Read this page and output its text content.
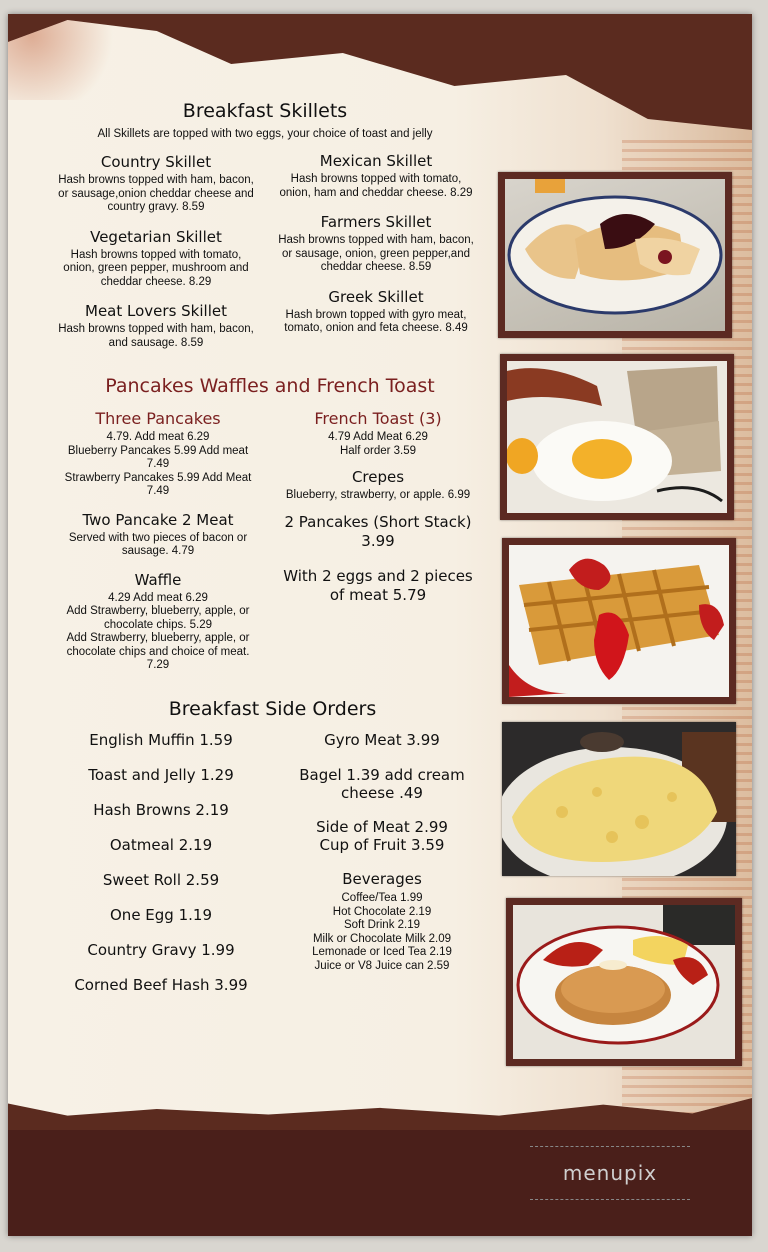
menupix
Breakfast Skillets
All Skillets are topped with two eggs, your choice of toast and jelly
Country Skillet
Hash browns topped with ham, bacon, or sausage,onion cheddar cheese and country gravy. 8.59
Vegetarian Skillet
Hash browns topped with tomato, onion, green pepper, mushroom and cheddar cheese. 8.29
Meat Lovers Skillet
Hash browns topped with ham, bacon, and sausage. 8.59
Mexican Skillet
Hash browns topped with tomato, onion, ham and cheddar cheese. 8.29
Farmers Skillet
Hash browns topped with ham, bacon, or sausage, onion, green pepper,and cheddar cheese. 8.59
Greek Skillet
Hash brown topped with gyro meat, tomato, onion and feta cheese. 8.49
Pancakes Waffles and French Toast
Three Pancakes
4.79. Add meat 6.29
Blueberry Pancakes 5.99 Add meat 7.49
Strawberry Pancakes 5.99 Add Meat 7.49
Two Pancake 2 Meat
Served with two pieces of bacon or sausage. 4.79
Waffle
4.29 Add meat 6.29
Add Strawberry, blueberry, apple, or chocolate chips. 5.29
Add Strawberry, blueberry, apple, or chocolate chips and choice of meat. 7.29
French Toast (3)
4.79 Add Meat 6.29
Half order 3.59
Crepes
Blueberry, strawberry, or apple. 6.99
2 Pancakes (Short Stack) 3.99
With 2 eggs and 2 pieces of meat 5.79
Breakfast Side Orders
English Muffin 1.59
Toast and Jelly 1.29
Hash Browns 2.19
Oatmeal 2.19
Sweet Roll 2.59
One Egg 1.19
Country Gravy 1.99
Corned Beef Hash 3.99
Gyro Meat 3.99
Bagel 1.39 add cream cheese .49
Side of Meat 2.99
Cup of Fruit 3.59
Beverages
Coffee/Tea 1.99
Hot Chocolate 2.19
Soft Drink 2.19
Milk or Chocolate Milk 2.09
Lemonade or Iced Tea 2.19
Juice or V8 Juice can 2.59
